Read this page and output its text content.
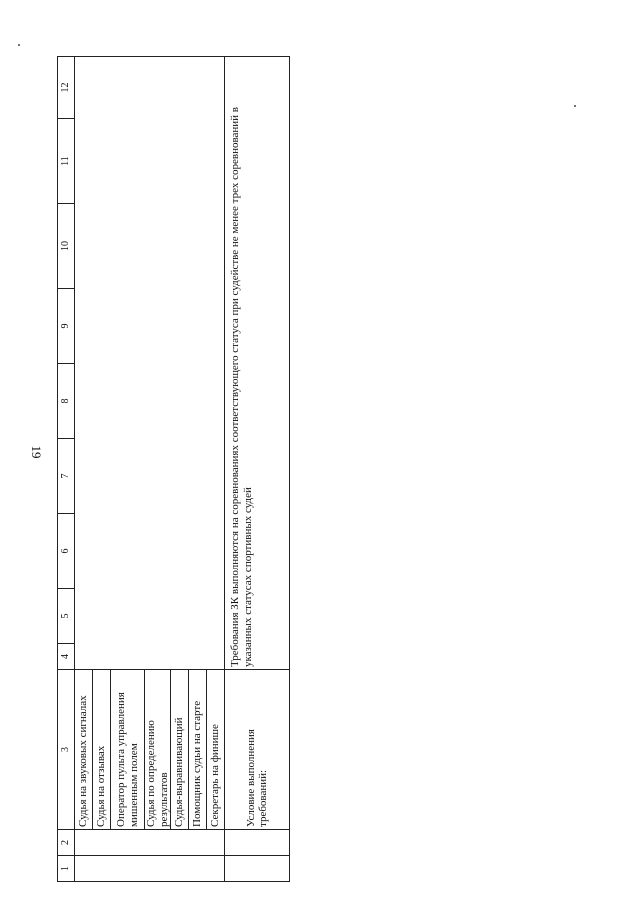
19
1	2	3	4	5	6	7	8	9	10	11	12
		Судья на звуковых сигналах									
		Судья на отзывах									
		Оператор пульта управления мишенным полем									
		Судья по определению результатов									
		Судья-выравнивающий									
		Помощник судьи на старте									
		Секретарь на финише									
		Условие выполнения требований:	Требования ЗК выполняются на соревнованиях соответствующего статуса при судействе не менее трех соревнований в указанных статусах спортивных судей								
